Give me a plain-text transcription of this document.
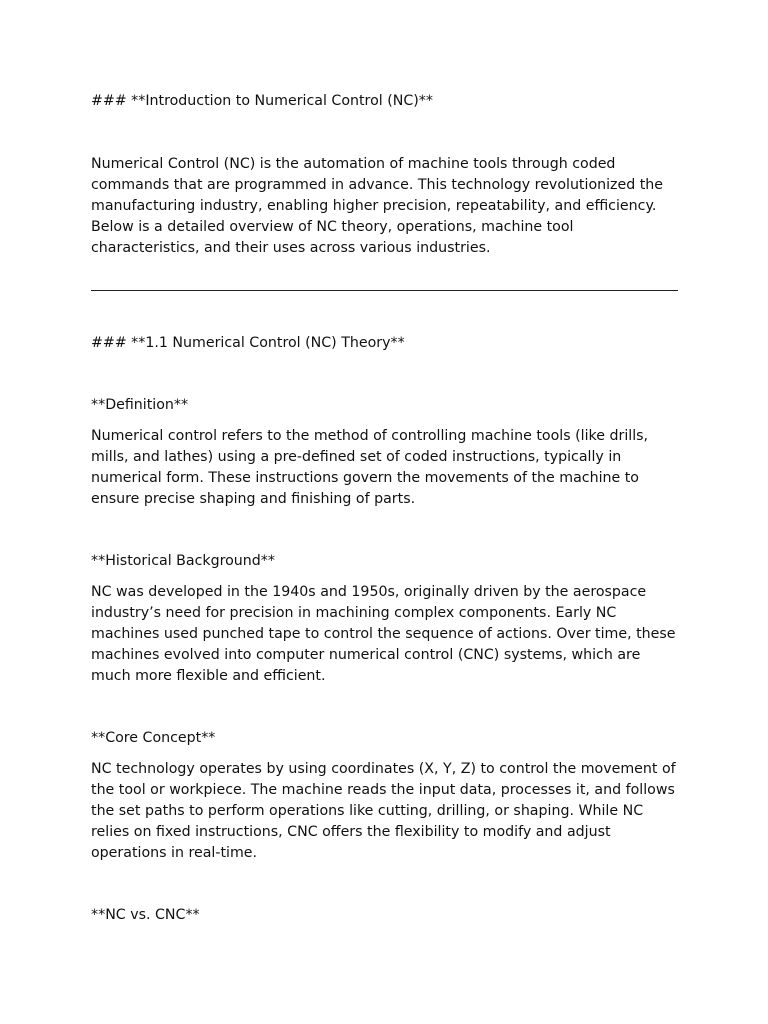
### **Introduction to Numerical Control (NC)**

Numerical Control (NC) is the automation of machine tools through coded commands that are programmed in advance. This technology revolutionized the manufacturing industry, enabling higher precision, repeatability, and efficiency. Below is a detailed overview of NC theory, operations, machine tool characteristics, and their uses across various industries.

### **1.1 Numerical Control (NC) Theory**

**Definition**

Numerical control refers to the method of controlling machine tools (like drills, mills, and lathes) using a pre-defined set of coded instructions, typically in numerical form. These instructions govern the movements of the machine to ensure precise shaping and finishing of parts.

**Historical Background**

NC was developed in the 1940s and 1950s, originally driven by the aerospace industry’s need for precision in machining complex components. Early NC machines used punched tape to control the sequence of actions. Over time, these machines evolved into computer numerical control (CNC) systems, which are much more flexible and efficient.

**Core Concept**

NC technology operates by using coordinates (X, Y, Z) to control the movement of the tool or workpiece. The machine reads the input data, processes it, and follows the set paths to perform operations like cutting, drilling, or shaping. While NC relies on fixed instructions, CNC offers the flexibility to modify and adjust operations in real-time.

**NC vs. CNC**
